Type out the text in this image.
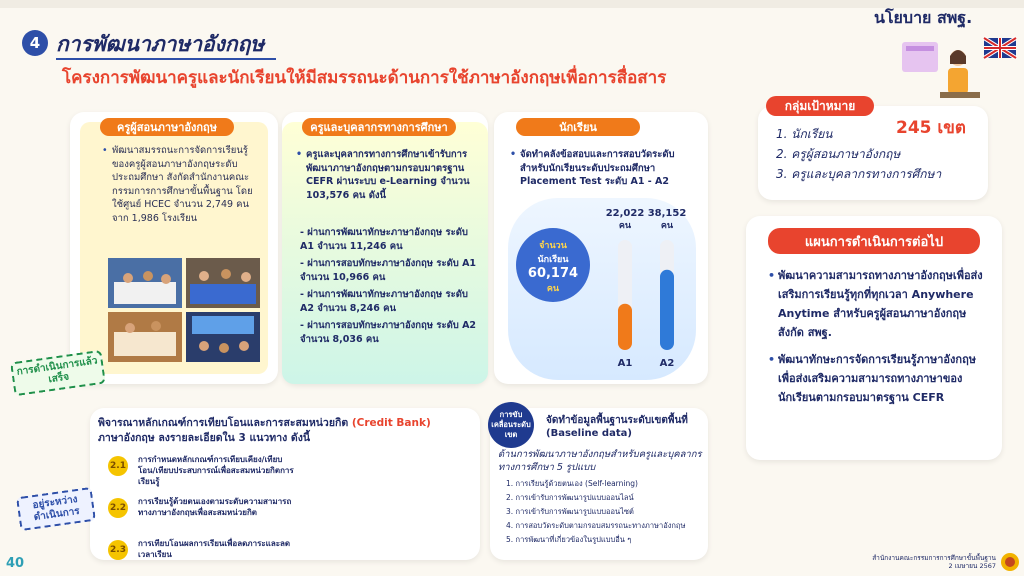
4 การพัฒนาภาษาอังกฤษ
โครงการพัฒนาครูและนักเรียนให้มีสมรรถนะด้านการใช้ภาษาอังกฤษเพื่อการสื่อสาร
นโยบาย สพฐ.
ครูผู้สอนภาษาอังกฤษ
• พัฒนาสมรรถนะการจัดการเรียนรู้ของครูผู้สอนภาษาอังกฤษระดับประถมศึกษา สังกัดสำนักงานคณะกรรมการการศึกษาขั้นพื้นฐาน โดยใช้ศูนย์ HCEC จำนวน 2,749 คน จาก 1,986 โรงเรียน
การดำเนินการแล้วเสร็จ
ครูและบุคลากรทางการศึกษา
• ครูและบุคลากรทางการศึกษาเข้ารับการพัฒนาภาษาอังกฤษตามกรอบมาตรฐาน CEFR ผ่านระบบ e-Learning จำนวน 103,576 คน ดังนี้
- ผ่านการพัฒนาทักษะภาษาอังกฤษ ระดับ A1 จำนวน 11,246 คน
- ผ่านการสอบทักษะภาษาอังกฤษ ระดับ A1 จำนวน 10,966 คน
- ผ่านการพัฒนาทักษะภาษาอังกฤษ ระดับ A2 จำนวน 8,246 คน
- ผ่านการสอบทักษะภาษาอังกฤษ ระดับ A2 จำนวน 8,036 คน
นักเรียน
• จัดทำคลังข้อสอบและการสอบวัดระดับสำหรับนักเรียนระดับประถมศึกษา Placement Test ระดับ A1 - A2
จำนวน
นักเรียน
60,174
คน
22,022
คน
A1
38,152
คน
A2
กลุ่มเป้าหมาย
245 เขต
1. นักเรียน
2. ครูผู้สอนภาษาอังกฤษ
3. ครูและบุคลากรทางการศึกษา
แผนการดำเนินการต่อไป
• พัฒนาความสามารถทางภาษาอังกฤษเพื่อส่งเสริมการเรียนรู้ทุกที่ทุกเวลา Anywhere Anytime สำหรับครูผู้สอนภาษาอังกฤษ สังกัด สพฐ.
• พัฒนาทักษะการจัดการเรียนรู้ภาษาอังกฤษเพื่อส่งเสริมความสามารถทางภาษาของนักเรียนตามกรอบมาตรฐาน CEFR
พิจารณาหลักเกณฑ์การเทียบโอนและการสะสมหน่วยกิต (Credit Bank)
ภาษาอังกฤษ ลงรายละเอียดใน 3 แนวทาง ดังนี้
2.1
การกำหนดหลักเกณฑ์การเทียบเคียง/เทียบโอน/เทียบประสบการณ์เพื่อสะสมหน่วยกิตการเรียนรู้
2.2
การเรียนรู้ด้วยตนเองตามระดับความสามารถทางภาษาอังกฤษเพื่อสะสมหน่วยกิต
2.3
การเทียบโอนผลการเรียนเพื่อลดภาระและลดเวลาเรียน
อยู่ระหว่างดำเนินการ
การขับเคลื่อนระดับเขต
จัดทำข้อมูลพื้นฐานระดับเขตพื้นที่ (Baseline data)
ด้านการพัฒนาภาษาอังกฤษสำหรับครูและบุคลากรทางการศึกษา 5 รูปแบบ
1. การเรียนรู้ด้วยตนเอง (Self-learning)
2. การเข้ารับการพัฒนารูปแบบออนไลน์
3. การเข้ารับการพัฒนารูปแบบออนไซต์
4. การสอบวัดระดับตามกรอบสมรรถนะทางภาษาอังกฤษ
5. การพัฒนาที่เกี่ยวข้องในรูปแบบอื่น ๆ
40	สำนักงานคณะกรรมการการศึกษาขั้นพื้นฐาน
2 เมษายน 2567
